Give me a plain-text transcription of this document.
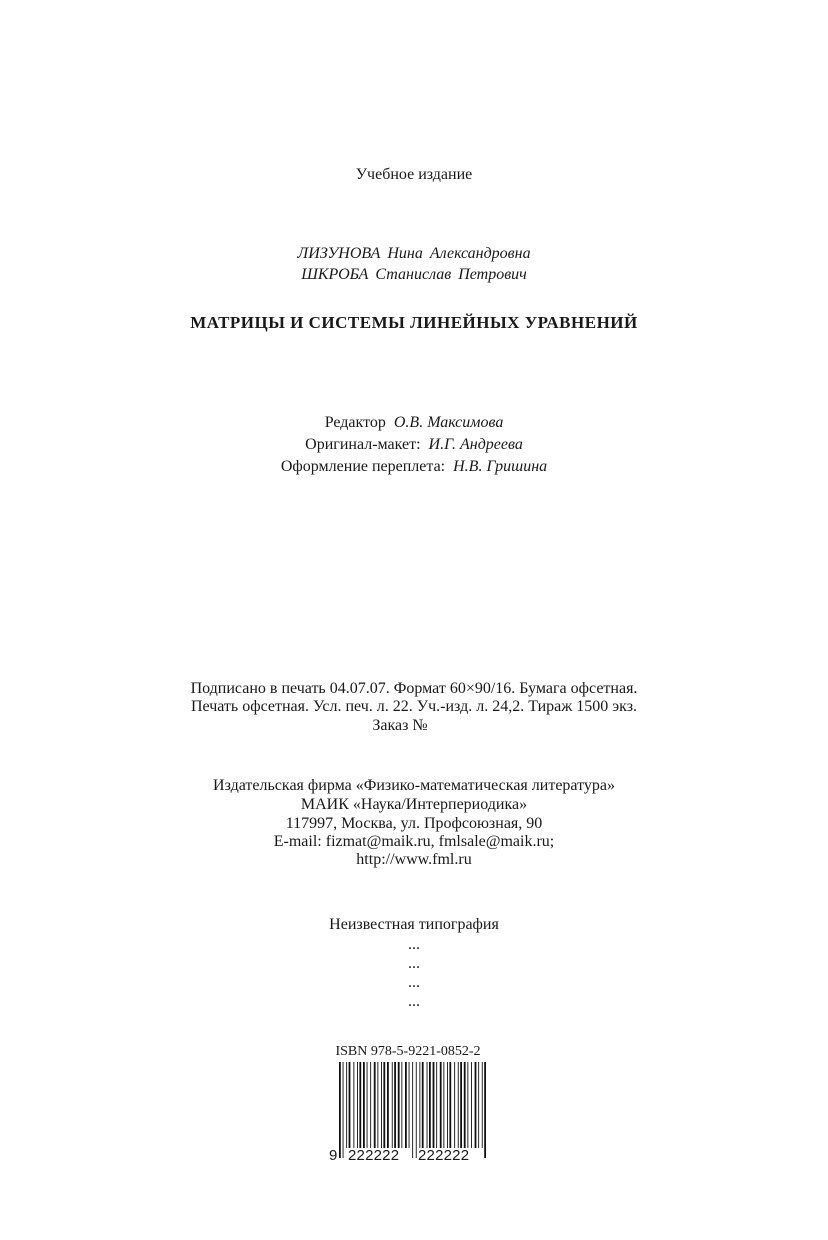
Учебное издание
ЛИЗУНОВА Нина Александровна
ШКРОБА Станислав Петрович
МАТРИЦЫ И СИСТЕМЫ ЛИНЕЙНЫХ УРАВНЕНИЙ
Редактор О.В. Максимова
Оригинал-макет: И.Г. Андреева
Оформление переплета: Н.В. Гришина
Подписано в печать 04.07.07. Формат 60×90/16. Бумага офсетная.
Печать офсетная. Усл. печ. л. 22. Уч.-изд. л. 24,2. Тираж 1500 экз.
Заказ №
Издательская фирма «Физико-математическая литература»
МАИК «Наука/Интерпериодика»
117997, Москва, ул. Профсоюзная, 90
E-mail: fizmat@maik.ru, fmlsale@maik.ru;
http://www.fml.ru
Неизвестная типография
...
...
...
...
ISBN 978-5-9221-0852-2
9 222222 222222
